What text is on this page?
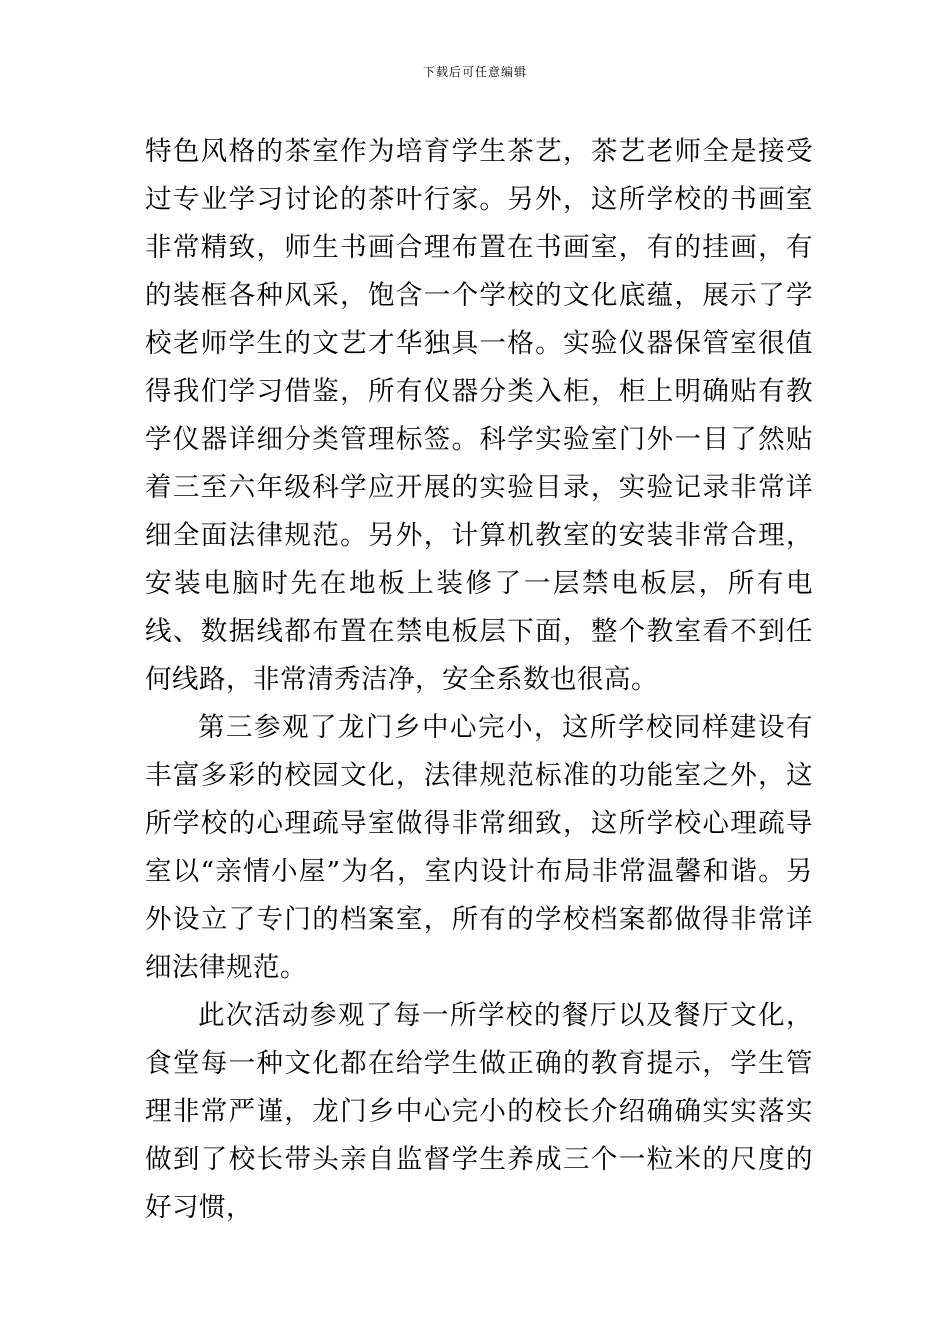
下载后可任意编辑

特色风格的茶室作为培育学生茶艺，茶艺老师全是接受过专业学习讨论的茶叶行家。另外，这所学校的书画室非常精致，师生书画合理布置在书画室，有的挂画，有的装框各种风采，饱含一个学校的文化底蕴，展示了学校老师学生的文艺才华独具一格。实验仪器保管室很值得我们学习借鉴，所有仪器分类入柜，柜上明确贴有教学仪器详细分类管理标签。科学实验室门外一目了然贴着三至六年级科学应开展的实验目录，实验记录非常详细全面法律规范。另外，计算机教室的安装非常合理，安装电脑时先在地板上装修了一层禁电板层，所有电线、数据线都布置在禁电板层下面，整个教室看不到任何线路，非常清秀洁净，安全系数也很高。

第三参观了龙门乡中心完小，这所学校同样建设有丰富多彩的校园文化，法律规范标准的功能室之外，这所学校的心理疏导室做得非常细致，这所学校心理疏导室以“亲情小屋”为名，室内设计布局非常温馨和谐。另外设立了专门的档案室，所有的学校档案都做得非常详细法律规范。

此次活动参观了每一所学校的餐厅以及餐厅文化，食堂每一种文化都在给学生做正确的教育提示，学生管理非常严谨，龙门乡中心完小的校长介绍确确实实落实做到了校长带头亲自监督学生养成三个一粒米的尺度的好习惯，
